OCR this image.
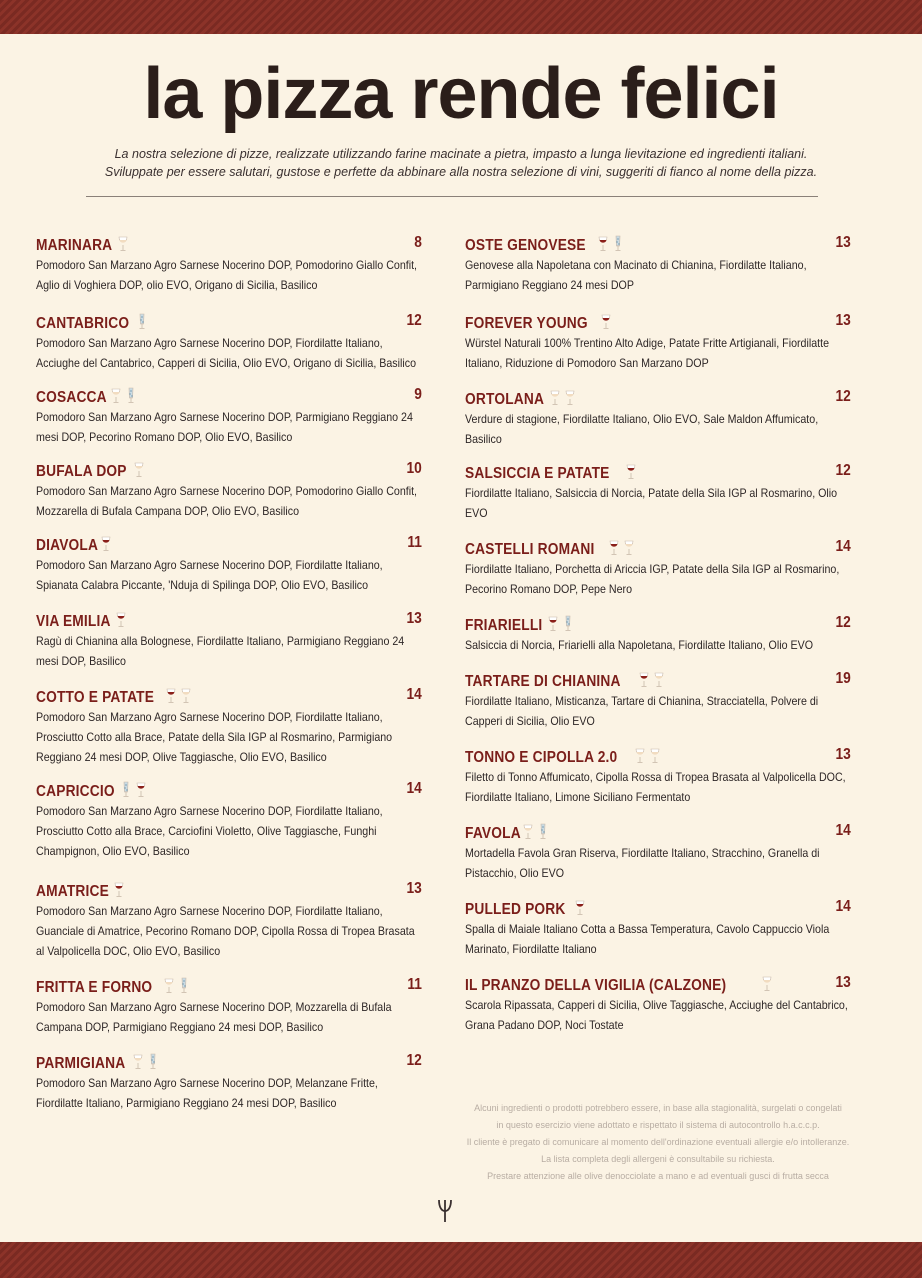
la pizza rende felici
La nostra selezione di pizze, realizzate utilizzando farine macinate a pietra, impasto a lunga lievitazione ed ingredienti italiani.
Sviluppate per essere salutari, gustose e perfette da abbinare alla nostra selezione di vini, suggeriti di fianco al nome della pizza.
MARINARA	8
Pomodoro San Marzano Agro Sarnese Nocerino DOP, Pomodorino Giallo Confit, Aglio di Voghiera DOP, olio EVO, Origano di Sicilia, Basilico
CANTABRICO	12
Pomodoro San Marzano Agro Sarnese Nocerino DOP, Fiordilatte Italiano, Acciughe del Cantabrico, Capperi di Sicilia, Olio EVO, Origano di Sicilia, Basilico
COSACCA	9
Pomodoro San Marzano Agro Sarnese Nocerino DOP, Parmigiano Reggiano 24 mesi DOP, Pecorino Romano DOP, Olio EVO, Basilico
BUFALA DOP	10
Pomodoro San Marzano Agro Sarnese Nocerino DOP, Pomodorino Giallo Confit, Mozzarella di Bufala Campana DOP, Olio EVO, Basilico
DIAVOLA	11
Pomodoro San Marzano Agro Sarnese Nocerino DOP, Fiordilatte Italiano, Spianata Calabra Piccante, 'Nduja di Spilinga DOP, Olio EVO, Basilico
VIA EMILIA	13
Ragù di Chianina alla Bolognese, Fiordilatte Italiano, Parmigiano Reggiano 24 mesi DOP, Basilico
COTTO E PATATE	14
Pomodoro San Marzano Agro Sarnese Nocerino DOP, Fiordilatte Italiano, Prosciutto Cotto alla Brace, Patate della Sila IGP al Rosmarino, Parmigiano Reggiano 24 mesi DOP, Olive Taggiasche, Olio EVO, Basilico
CAPRICCIO	14
Pomodoro San Marzano Agro Sarnese Nocerino DOP, Fiordilatte Italiano, Prosciutto Cotto alla Brace, Carciofini Violetto, Olive Taggiasche, Funghi Champignon, Olio EVO, Basilico
AMATRICE	13
Pomodoro San Marzano Agro Sarnese Nocerino DOP, Fiordilatte Italiano, Guanciale di Amatrice, Pecorino Romano DOP, Cipolla Rossa di Tropea Brasata al Valpolicella DOC, Olio EVO, Basilico
FRITTA E FORNO	11
Pomodoro San Marzano Agro Sarnese Nocerino DOP, Mozzarella di Bufala Campana DOP, Parmigiano Reggiano 24 mesi DOP, Basilico
PARMIGIANA	12
Pomodoro San Marzano Agro Sarnese Nocerino DOP, Melanzane Fritte, Fiordilatte Italiano, Parmigiano Reggiano 24 mesi DOP, Basilico
OSTE GENOVESE	13
Genovese alla Napoletana con Macinato di Chianina, Fiordilatte Italiano, Parmigiano Reggiano 24 mesi DOP
FOREVER YOUNG	13
Würstel Naturali 100% Trentino Alto Adige, Patate Fritte Artigianali, Fiordilatte Italiano, Riduzione di Pomodoro San Marzano DOP
ORTOLANA	12
Verdure di stagione, Fiordilatte Italiano, Olio EVO, Sale Maldon Affumicato, Basilico
SALSICCIA E PATATE	12
Fiordilatte Italiano, Salsiccia di Norcia, Patate della Sila IGP al Rosmarino, Olio EVO
CASTELLI ROMANI	14
Fiordilatte Italiano, Porchetta di Ariccia IGP, Patate della Sila IGP al Rosmarino, Pecorino Romano DOP, Pepe Nero
FRIARIELLI	12
Salsiccia di Norcia, Friarielli alla Napoletana, Fiordilatte Italiano, Olio EVO
TARTARE DI CHIANINA	19
Fiordilatte Italiano, Misticanza, Tartare di Chianina, Stracciatella, Polvere di Capperi di Sicilia, Olio EVO
TONNO E CIPOLLA 2.0	13
Filetto di Tonno Affumicato, Cipolla Rossa di Tropea Brasata al Valpolicella DOC, Fiordilatte Italiano, Limone Siciliano Fermentato
FAVOLA	14
Mortadella Favola Gran Riserva, Fiordilatte Italiano, Stracchino, Granella di Pistacchio, Olio EVO
PULLED PORK	14
Spalla di Maiale Italiano Cotta a Bassa Temperatura, Cavolo Cappuccio Viola Marinato, Fiordilatte Italiano
IL PRANZO DELLA VIGILIA (CALZONE)	13
Scarola Ripassata, Capperi di Sicilia, Olive Taggiasche, Acciughe del Cantabrico, Grana Padano DOP, Noci Tostate
Alcuni ingredienti o prodotti potrebbero essere, in base alla stagionalità, surgelati o congelati
in questo esercizio viene adottato e rispettato il sistema di autocontrollo h.a.c.c.p.
Il cliente è pregato di comunicare al momento dell'ordinazione eventuali allergie e/o intolleranze.
La lista completa degli allergeni è consultabile su richiesta.
Prestare attenzione alle olive denocciolate a mano e ad eventuali gusci di frutta secca
